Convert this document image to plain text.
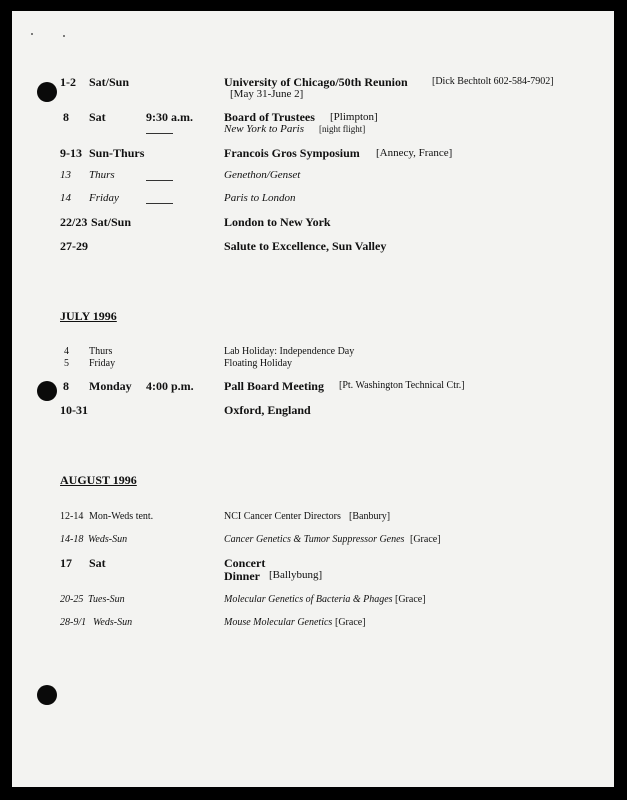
1-2 Sat/Sun	University of Chicago/50th Reunion [Dick Bechtolt 602-584-7902]
[May 31-June 2]
8 Sat	9:30 a.m.	Board of Trustees [Plimpton]
New York to Paris [night flight]
9-13 Sun-Thurs	Francois Gros Symposium [Annecy, France]
13 Thurs	Genethon/Genset
14 Friday	Paris to London
22/23 Sat/Sun	London to New York
27-29	Salute to Excellence, Sun Valley
JULY 1996
4 Thurs	Lab Holiday: Independence Day
5 Friday	Floating Holiday
8 Monday 4:00 p.m.	Pall Board Meeting [Pt. Washington Technical Ctr.]
10-31	Oxford, England
AUGUST 1996
12-14 Mon-Weds tent.	NCI Cancer Center Directors [Banbury]
14-18 Weds-Sun	Cancer Genetics & Tumor Suppressor Genes [Grace]
17 Sat	Concert
Dinner [Ballybung]
20-25 Tues-Sun	Molecular Genetics of Bacteria & Phages [Grace]
28-9/1 Weds-Sun	Mouse Molecular Genetics [Grace]
